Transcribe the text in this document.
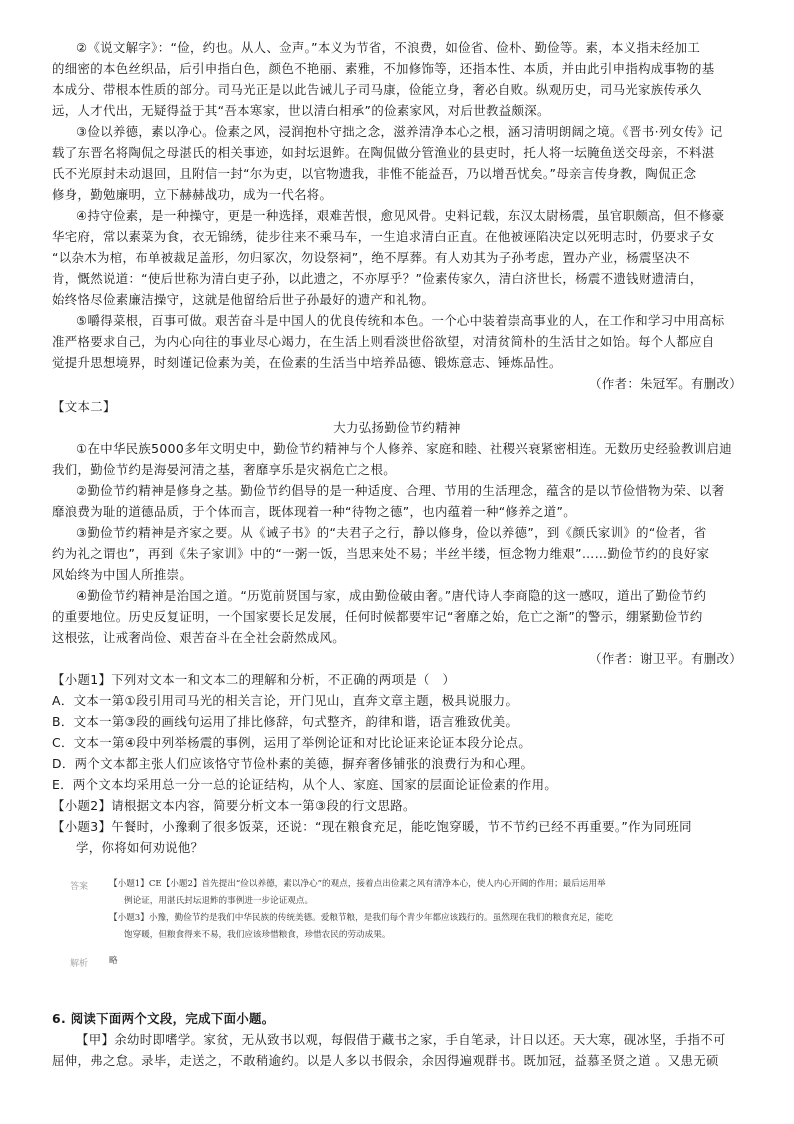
②《说文解字》：“俭，约也。从人、佥声。”本义为节省，不浪费，如俭省、俭朴、勤俭等。素，本义指未经加工
的细密的本色丝织品，后引申指白色，颜色不艳丽、素雅，不加修饰等，还指本性、本质，并由此引申指构成事物的基
本成分、带根本性质的部分。司马光正是以此告诫儿子司马康，俭能立身，奢必自败。纵观历史，司马光家族传承久
远，人才代出，无疑得益于其“吾本寒家，世以清白相承”的俭素家风，对后世教益颇深。
③俭以养德，素以净心。俭素之风，浸润抱朴守拙之念，滋养清净本心之根，涵习清明朗阔之境。《晋书·列女传》记
载了东晋名将陶侃之母湛氏的相关事迹，如封坛退鲊。在陶侃做分管渔业的县吏时，托人将一坛腌鱼送交母亲，不料湛
氏不光原封未动退回，且附信一封“尔为吏，以官物遗我，非惟不能益吾，乃以增吾忧矣。”母亲言传身教，陶侃正念
修身，勤勉廉明，立下赫赫战功，成为一代名将。
④持守俭素，是一种操守，更是一种选择，艰难苦恨，愈见风骨。史料记载，东汉太尉杨震，虽官职颇高，但不修豪
华宅府，常以素菜为食，衣无锦绣，徒步往来不乘马车，一生追求清白正直。在他被诬陷决定以死明志时，仍要求子女
“以杂木为棺，布单被裁足盖形，勿归冢次，勿设祭祠”，绝不厚葬。有人劝其为子孙考虑，置办产业，杨震坚决不
肯，慨然说道：“使后世称为清白吏子孙，以此遗之，不亦厚乎？”俭素传家久，清白济世长，杨震不遗钱财遗清白，
始终恪尽俭素廉洁操守，这就是他留给后世子孙最好的遗产和礼物。
⑤嚼得菜根，百事可做。艰苦奋斗是中国人的优良传统和本色。一个心中装着崇高事业的人，在工作和学习中用高标
准严格要求自己，为内心向往的事业尽心竭力，在生活上则看淡世俗欲望，对清贫简朴的生活甘之如饴。每个人都应自
觉提升思想境界，时刻谨记俭素为美，在俭素的生活当中培养品德、锻炼意志、锤炼品性。
（作者：朱冠军。有删改）
【文本二】
大力弘扬勤俭节约精神
①在中华民族5000多年文明史中，勤俭节约精神与个人修养、家庭和睦、社稷兴衰紧密相连。无数历史经验教训启迪
我们，勤俭节约是海晏河清之基，奢靡享乐是灾祸危亡之根。
②勤俭节约精神是修身之基。勤俭节约倡导的是一种适度、合理、节用的生活理念，蕴含的是以节俭惜物为荣、以奢
靡浪费为耻的道德品质，于个体而言，既体现着一种“待物之德”，也内蕴着一种“修养之道”。
③勤俭节约精神是齐家之要。从《诫子书》的“夫君子之行，静以修身，俭以养德”，到《颜氏家训》的“俭者，省
约为礼之谓也”，再到《朱子家训》中的“一粥一饭，当思来处不易；半丝半缕，恒念物力维艰”……勤俭节约的良好家
风始终为中国人所推崇。
④勤俭节约精神是治国之道。“历览前贤国与家，成由勤俭破由奢。”唐代诗人李商隐的这一感叹，道出了勤俭节约
的重要地位。历史反复证明，一个国家要长足发展，任何时候都要牢记“奢靡之始，危亡之渐”的警示，绷紧勤俭节约
这根弦，让戒奢尚俭、艰苦奋斗在全社会蔚然成风。
（作者：谢卫平。有删改）
【小题1】下列对文本一和文本二的理解和分析，不正确的两项是（　）
A．文本一第①段引用司马光的相关言论，开门见山，直奔文章主题，极具说服力。
B．文本一第③段的画线句运用了排比修辞，句式整齐，韵律和谐，语言雅致优美。
C．文本一第④段中列举杨震的事例，运用了举例论证和对比论证来论证本段分论点。
D．两个文本都主张人们应该恪守节俭朴素的美德，摒弃奢侈铺张的浪费行为和心理。
E．两个文本均采用总一分一总的论证结构，从个人、家庭、国家的层面论证俭素的作用。
【小题2】请根据文本内容，简要分析文本一第③段的行文思路。
【小题3】午餐时，小豫剩了很多饭菜，还说：“现在粮食充足，能吃饱穿暖，节不节约已经不再重要。”作为同班同
学，你将如何劝说他？
答案 【小题1】CE【小题2】首先提出“俭以养德，素以净心”的观点，接着点出俭素之风有清净本心，使人内心开阔的作用；最后运用举
例论证，用湛氏封坛退鲊的事例进一步论证观点。
【小题3】小豫，勤俭节约是我们中华民族的传统美德。爱粮节粮，是我们每个青少年都应该践行的。虽然现在我们的粮食充足，能吃
饱穿暖，但粮食得来不易，我们应该珍惜粮食，珍惜农民的劳动成果。
解析 略
6. 阅读下面两个文段，完成下面小题。
【甲】余幼时即嗜学。家贫，无从致书以观，每假借于藏书之家，手自笔录，计日以还。天大寒，砚冰坚，手指不可
屈伸，弗之怠。录毕，走送之，不敢稍逾约。以是人多以书假余，余因得遍观群书。既加冠，益慕圣贤之道 。又患无硕
